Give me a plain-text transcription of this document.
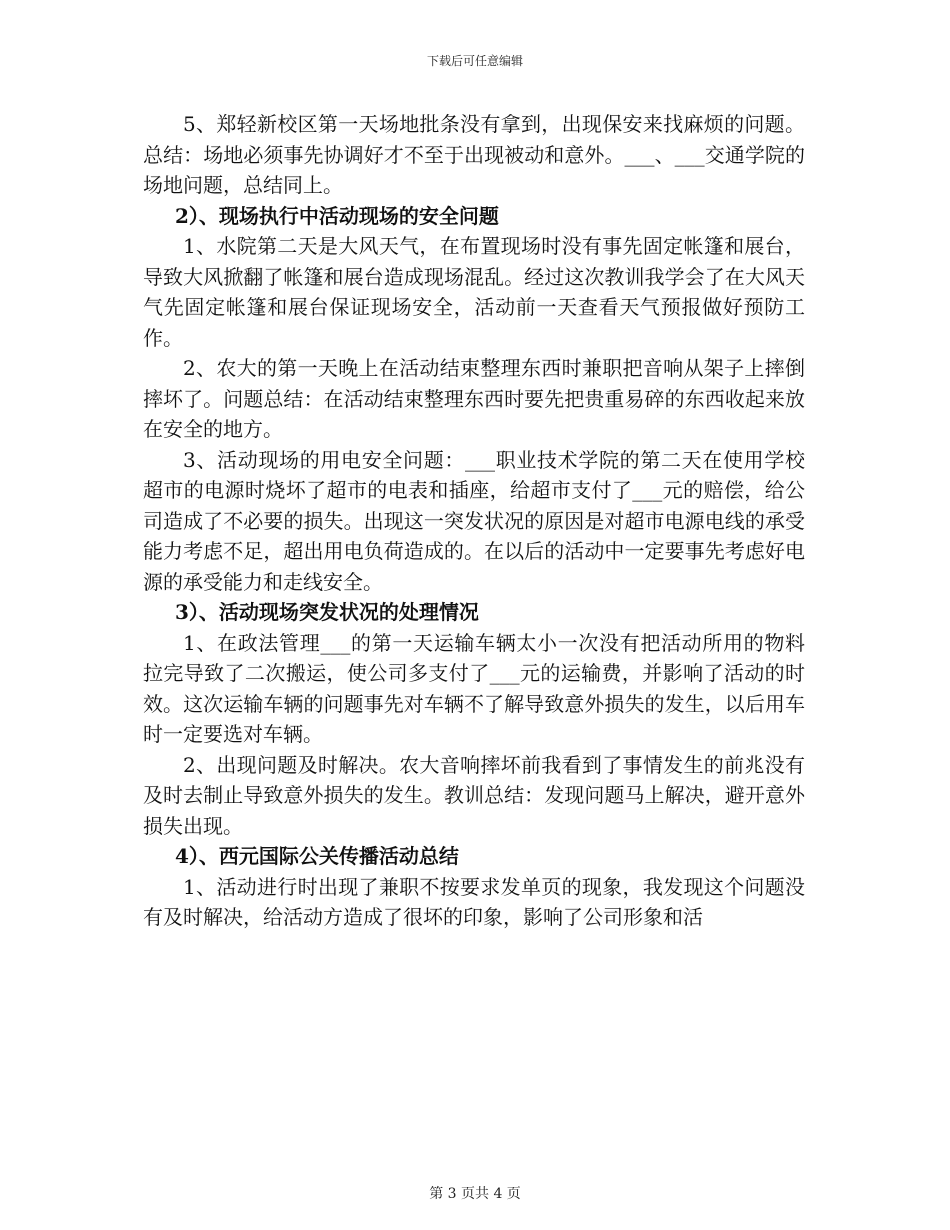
下载后可任意编辑

5、郑轻新校区第一天场地批条没有拿到，出现保安来找麻烦的问题。总结：场地必须事先协调好才不至于出现被动和意外。___、___交通学院的场地问题，总结同上。

2）、现场执行中活动现场的安全问题

1、水院第二天是大风天气，在布置现场时没有事先固定帐篷和展台，导致大风掀翻了帐篷和展台造成现场混乱。经过这次教训我学会了在大风天气先固定帐篷和展台保证现场安全，活动前一天查看天气预报做好预防工作。

2、农大的第一天晚上在活动结束整理东西时兼职把音响从架子上摔倒摔坏了。问题总结：在活动结束整理东西时要先把贵重易碎的东西收起来放在安全的地方。

3、活动现场的用电安全问题：___职业技术学院的第二天在使用学校超市的电源时烧坏了超市的电表和插座，给超市支付了___元的赔偿，给公司造成了不必要的损失。出现这一突发状况的原因是对超市电源电线的承受能力考虑不足，超出用电负荷造成的。在以后的活动中一定要事先考虑好电源的承受能力和走线安全。

3）、活动现场突发状况的处理情况

1、在政法管理___的第一天运输车辆太小一次没有把活动所用的物料拉完导致了二次搬运，使公司多支付了___元的运输费，并影响了活动的时效。这次运输车辆的问题事先对车辆不了解导致意外损失的发生，以后用车时一定要选对车辆。

2、出现问题及时解决。农大音响摔坏前我看到了事情发生的前兆没有及时去制止导致意外损失的发生。教训总结：发现问题马上解决，避开意外损失出现。

4）、西元国际公关传播活动总结

1、活动进行时出现了兼职不按要求发单页的现象，我发现这个问题没有及时解决，给活动方造成了很坏的印象，影响了公司形象和活

第 3 页共 4 页
